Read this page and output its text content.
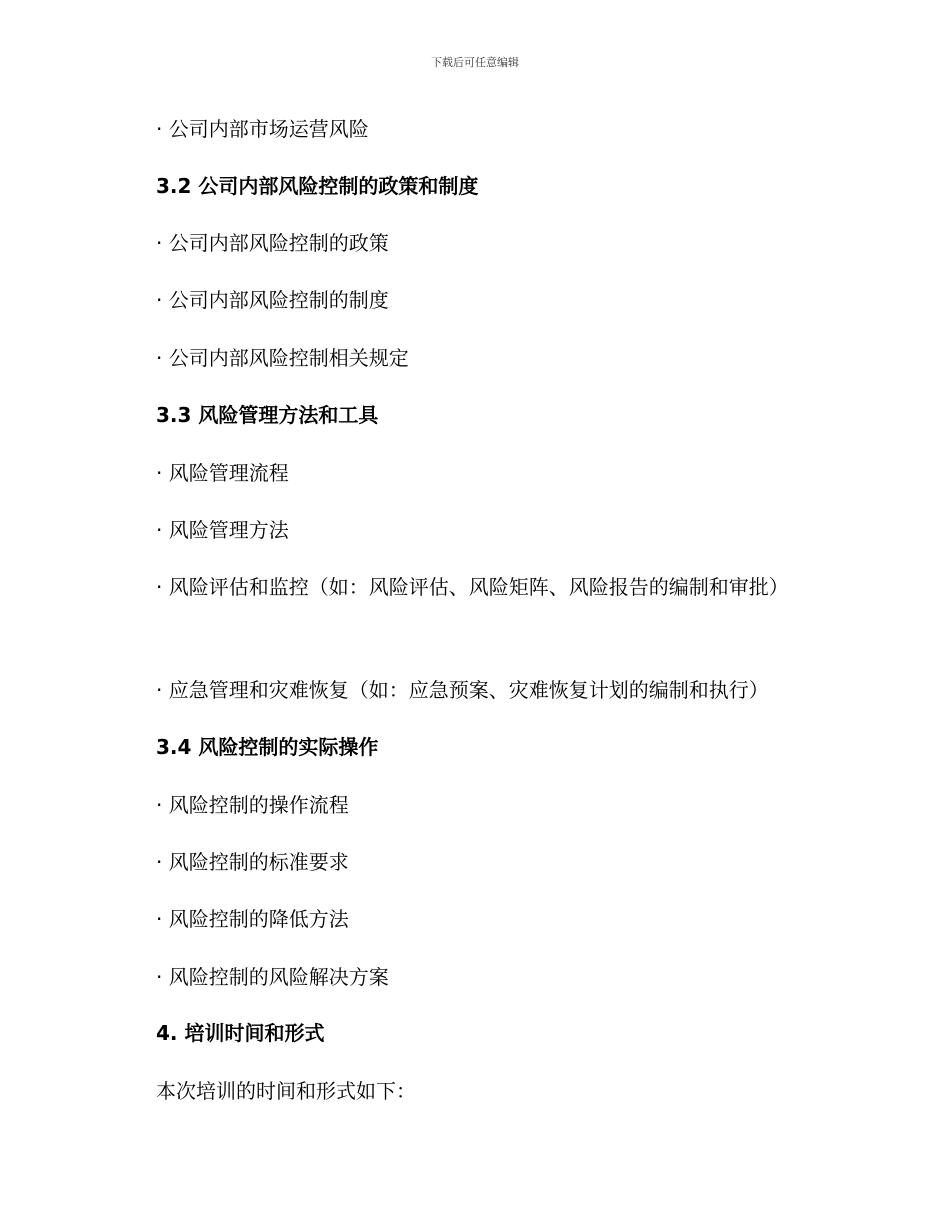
下载后可任意编辑
· 公司内部市场运营风险
3.2 公司内部风险控制的政策和制度
· 公司内部风险控制的政策
· 公司内部风险控制的制度
· 公司内部风险控制相关规定
3.3 风险管理方法和工具
· 风险管理流程
· 风险管理方法
· 风险评估和监控（如：风险评估、风险矩阵、风险报告的编制和审批）
· 应急管理和灾难恢复（如：应急预案、灾难恢复计划的编制和执行）
3.4 风险控制的实际操作
· 风险控制的操作流程
· 风险控制的标准要求
· 风险控制的降低方法
· 风险控制的风险解决方案
4. 培训时间和形式
本次培训的时间和形式如下：
